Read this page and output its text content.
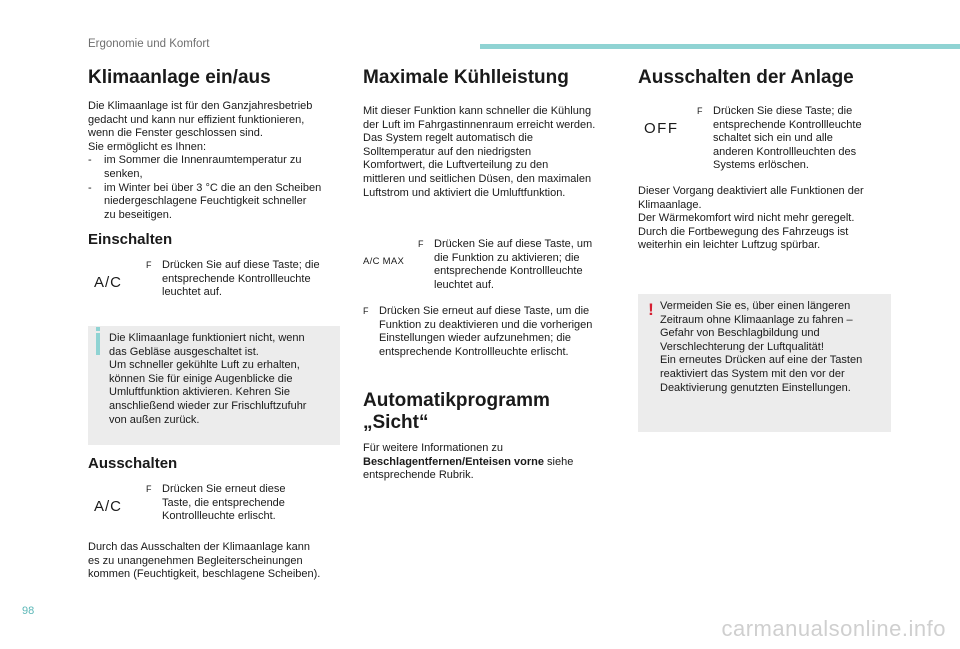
Ergonomie und Komfort
Klimaanlage ein/aus

Die Klimaanlage ist für den Ganzjahresbetrieb

gedacht und kann nur effizient funktionieren,

wenn die Fenster geschlossen sind.

Sie ermöglicht es Ihnen:

-	im Sommer die Innenraumtemperatur zu

senken,

-	im Winter bei über 3 °C die an den Scheiben

niedergeschlagene Feuchtigkeit schneller

zu beseitigen.

Einschalten
A/C
F Drücken Sie auf diese Taste; die

entsprechende Kontrollleuchte

leuchtet auf.

Die Klimaanlage funktioniert nicht, wenn

das Gebläse ausgeschaltet ist.

Um schneller gekühlte Luft zu erhalten,

können Sie für einige Augenblicke die

Umluftfunktion aktivieren. Kehren Sie

anschließend wieder zur Frischluftzufuhr

von außen zurück.

Ausschalten
A/C
F Drücken Sie erneut diese

Taste, die entsprechende

Kontrollleuchte erlischt.

Durch das Ausschalten der Klimaanlage kann

es zu unangenehmen Begleiterscheinungen

kommen (Feuchtigkeit, beschlagene Scheiben).

Maximale Kühlleistung

Mit dieser Funktion kann schneller die Kühlung

der Luft im Fahrgastinnenraum erreicht werden.

Das System regelt automatisch die

Solltemperatur auf den niedrigsten

Komfortwert, die Luftverteilung zu den

mittleren und seitlichen Düsen, den maximalen

Luftstrom und aktiviert die Umluftfunktion.

A/C MAX
F Drücken Sie auf diese Taste, um

die Funktion zu aktivieren; die

entsprechende Kontrollleuchte

leuchtet auf.

F Drücken Sie erneut auf diese Taste, um die

Funktion zu deaktivieren und die vorherigen

Einstellungen wieder aufzunehmen; die

entsprechende Kontrollleuchte erlischt.

Automatikprogramm
„Sicht“

Für weitere Informationen zu

Beschlagentfernen/Enteisen vorne siehe

entsprechende Rubrik.

Ausschalten der Anlage
OFF
F Drücken Sie diese Taste; die

entsprechende Kontrollleuchte

schaltet sich ein und alle

anderen Kontrollleuchten des

Systems erlöschen.

Dieser Vorgang deaktiviert alle Funktionen der

Klimaanlage.

Der Wärmekomfort wird nicht mehr geregelt.

Durch die Fortbewegung des Fahrzeugs ist

weiterhin ein leichter Luftzug spürbar.

! Vermeiden Sie es, über einen längeren

Zeitraum ohne Klimaanlage zu fahren –

Gefahr von Beschlagbildung und

Verschlechterung der Luftqualität!

Ein erneutes Drücken auf eine der Tasten

reaktiviert das System mit den vor der

Deaktivierung genutzten Einstellungen.

98
carmanualsonline.info
